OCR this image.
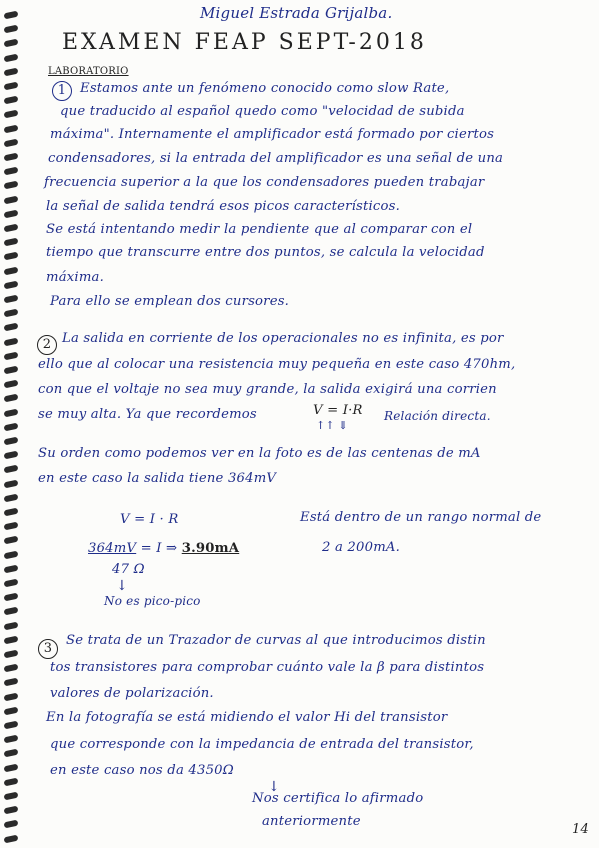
Miguel Estrada Grijalba.
EXAMEN FEAP SEPT-2018
LABORATORIO
1	Estamos ante un fenómeno conocido como slow Rate,
que traducido al español quedo como "velocidad de subida
máxima". Internamente el amplificador está formado por ciertos
condensadores, si la entrada del amplificador es una señal de una
frecuencia superior a la que los condensadores pueden trabajar
la señal de salida tendrá esos picos característicos.
Se está intentando medir la pendiente que al comparar con el
tiempo que transcurre entre dos puntos, se calcula la velocidad
máxima.
Para ello se emplean dos cursores.
2 La salida en corriente de los operacionales no es infinita, es por
ello que al colocar una resistencia muy pequeña en este caso 470hm,
con que el voltaje no sea muy grande, la salida exigirá una corrien
se muy alta. Ya que recordemos	V = I·R
↑↑ ⇓
Relación directa.
Su orden como podemos ver en la foto es de las centenas de mA
en este caso la salida tiene 364mV
V = I · R
364mV = I ⇒ 3.90mA
47 Ω
↓
No es pico-pico
Está dentro de un rango normal de
2 a 200mA.
3
Se trata de un Trazador de curvas al que introducimos distin
tos transistores para comprobar cuánto vale la β para distintos
valores de polarización.
En la fotografía se está midiendo el valor Hi del transistor
que corresponde con la impedancia de entrada del transistor,
en este caso nos da 4350Ω
↓
Nos certifica lo afirmado
anteriormente
14
